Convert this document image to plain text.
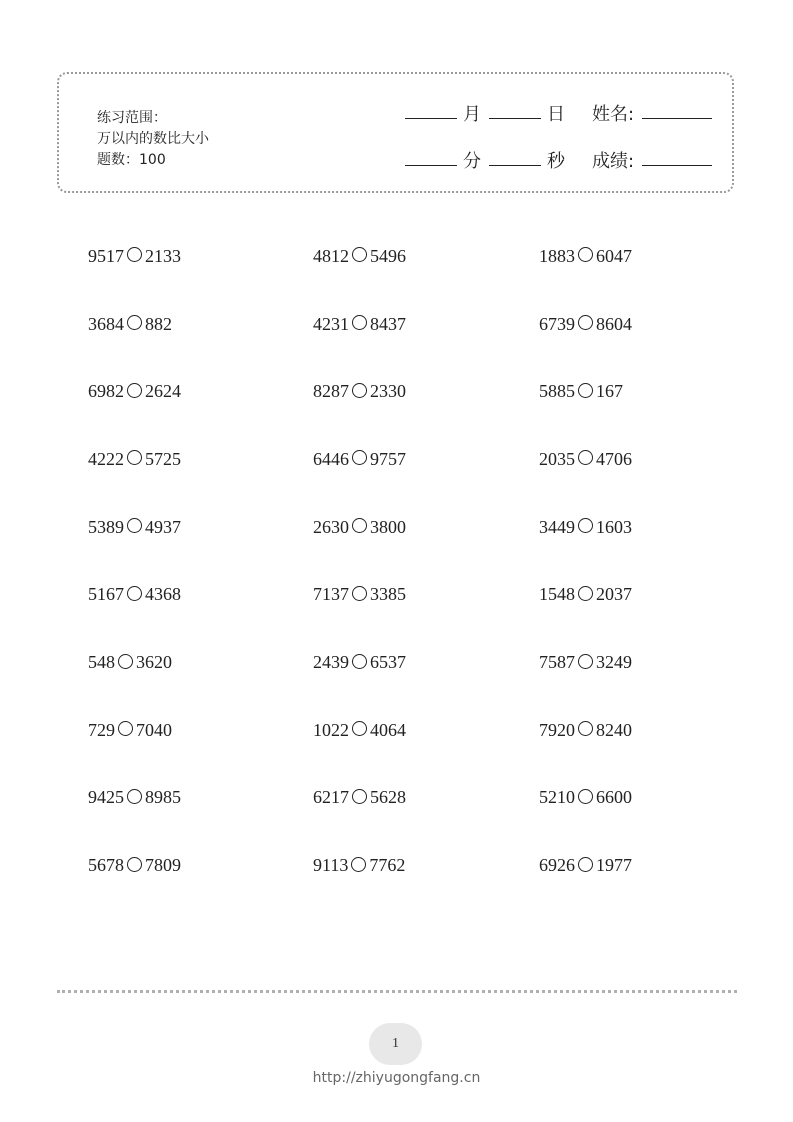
练习范围：
万以内的数比大小
题数：100
月	日 姓名:
分	秒 成绩:
9517 2133	4812 5496	1883 6047
3684 882	4231 8437	6739 8604
6982 2624	8287 2330	5885 167
4222 5725	6446 9757	2035 4706
5389 4937	2630 3800	3449 1603
5167 4368	7137 3385	1548 2037
548 3620	2439 6537	7587 3249
729 7040	1022 4064	7920 8240
9425 8985	6217 5628	5210 6600
5678 7809	9113 7762	6926 1977
1
http://zhiyugongfang.cn
